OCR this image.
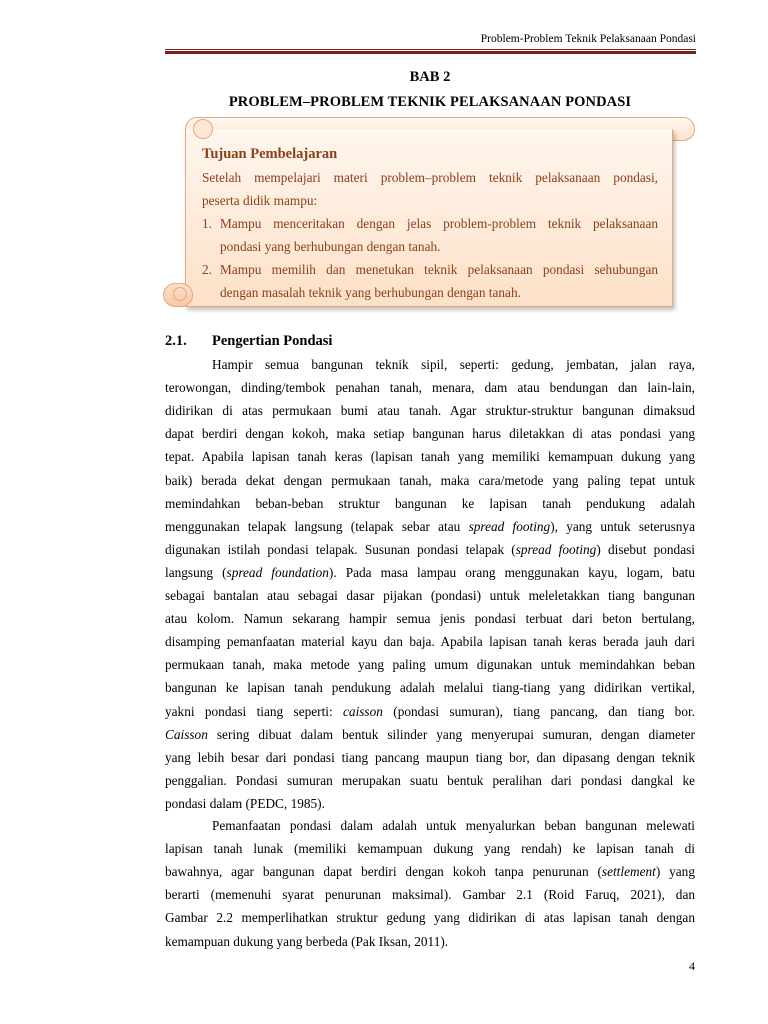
Problem-Problem Teknik Pelaksanaan Pondasi
BAB 2
PROBLEM–PROBLEM TEKNIK PELAKSANAAN PONDASI
Tujuan Pembelajaran
Setelah mempelajari materi problem–problem teknik pelaksanaan pondasi,
peserta didik mampu:
1. Mampu menceritakan dengan jelas problem-problem teknik pelaksanaan
pondasi yang berhubungan dengan tanah.
2. Mampu memilih dan menetukan teknik pelaksanaan pondasi sehubungan
dengan masalah teknik yang berhubungan dengan tanah.
2.1. Pengertian Pondasi
Hampir semua bangunan teknik sipil, seperti: gedung, jembatan, jalan raya,
terowongan, dinding/tembok penahan tanah, menara, dam atau bendungan dan lain-lain,
didirikan di atas permukaan bumi atau tanah. Agar struktur-struktur bangunan dimaksud
dapat berdiri dengan kokoh, maka setiap bangunan harus diletakkan di atas pondasi yang
tepat. Apabila lapisan tanah keras (lapisan tanah yang memiliki kemampuan dukung yang
baik) berada dekat dengan permukaan tanah, maka cara/metode yang paling tepat untuk
memindahkan beban-beban struktur bangunan ke lapisan tanah pendukung adalah
menggunakan telapak langsung (telapak sebar atau spread footing), yang untuk seterusnya
digunakan istilah pondasi telapak. Susunan pondasi telapak (spread footing) disebut pondasi
langsung (spread foundation). Pada masa lampau orang menggunakan kayu, logam, batu
sebagai bantalan atau sebagai dasar pijakan (pondasi) untuk meleletakkan tiang bangunan
atau kolom. Namun sekarang hampir semua jenis pondasi terbuat dari beton bertulang,
disamping pemanfaatan material kayu dan baja. Apabila lapisan tanah keras berada jauh dari
permukaan tanah, maka metode yang paling umum digunakan untuk memindahkan beban
bangunan ke lapisan tanah pendukung adalah melalui tiang-tiang yang didirikan vertikal,
yakni pondasi tiang seperti: caisson (pondasi sumuran), tiang pancang, dan tiang bor.
Caisson sering dibuat dalam bentuk silinder yang menyerupai sumuran, dengan diameter
yang lebih besar dari pondasi tiang pancang maupun tiang bor, dan dipasang dengan teknik
penggalian. Pondasi sumuran merupakan suatu bentuk peralihan dari pondasi dangkal ke
pondasi dalam (PEDC, 1985).
Pemanfaatan pondasi dalam adalah untuk menyalurkan beban bangunan melewati
lapisan tanah lunak (memiliki kemampuan dukung yang rendah) ke lapisan tanah di
bawahnya, agar bangunan dapat berdiri dengan kokoh tanpa penurunan (settlement) yang
berarti (memenuhi syarat penurunan maksimal). Gambar 2.1 (Roid Faruq, 2021), dan
Gambar 2.2 memperlihatkan struktur gedung yang didirikan di atas lapisan tanah dengan
kemampuan dukung yang berbeda (Pak Iksan, 2011).
4
